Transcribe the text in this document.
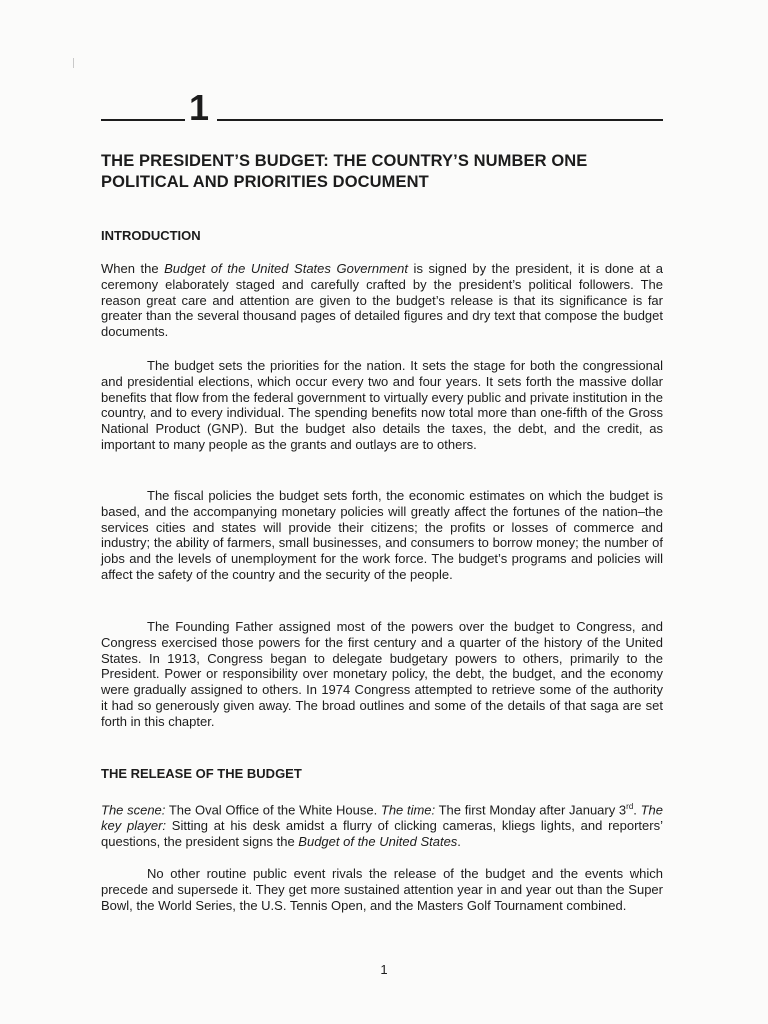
1
THE PRESIDENT’S BUDGET: THE COUNTRY’S NUMBER ONE POLITICAL AND PRIORITIES DOCUMENT
INTRODUCTION

When the Budget of the United States Government is signed by the president, it is done at a ceremony elaborately staged and carefully crafted by the president’s political followers. The reason great care and attention are given to the budget’s release is that its significance is far greater than the several thousand pages of detailed figures and dry text that compose the budget documents.

The budget sets the priorities for the nation. It sets the stage for both the congressional and presidential elections, which occur every two and four years. It sets forth the massive dollar benefits that flow from the federal government to virtually every public and private institution in the country, and to every individual. The spending benefits now total more than one-fifth of the Gross National Product (GNP). But the budget also details the taxes, the debt, and the credit, as important to many people as the grants and outlays are to others.

The fiscal policies the budget sets forth, the economic estimates on which the budget is based, and the accompanying monetary policies will greatly affect the fortunes of the nation–the services cities and states will provide their citizens; the profits or losses of commerce and industry; the ability of farmers, small businesses, and consumers to borrow money; the number of jobs and the levels of unemployment for the work force. The budget’s programs and policies will affect the safety of the country and the security of the people.

The Founding Father assigned most of the powers over the budget to Congress, and Congress exercised those powers for the first century and a quarter of the history of the United States. In 1913, Congress began to delegate budgetary powers to others, primarily to the President. Power or responsibility over monetary policy, the debt, the budget, and the economy were gradually assigned to others. In 1974 Congress attempted to retrieve some of the authority it had so generously given away. The broad outlines and some of the details of that saga are set forth in this chapter.

THE RELEASE OF THE BUDGET

The scene: The Oval Office of the White House. The time: The first Monday after January 3rd. The key player: Sitting at his desk amidst a flurry of clicking cameras, kliegs lights, and reporters’ questions, the president signs the Budget of the United States.

No other routine public event rivals the release of the budget and the events which precede and supersede it. They get more sustained attention year in and year out than the Super Bowl, the World Series, the U.S. Tennis Open, and the Masters Golf Tournament combined.

1
